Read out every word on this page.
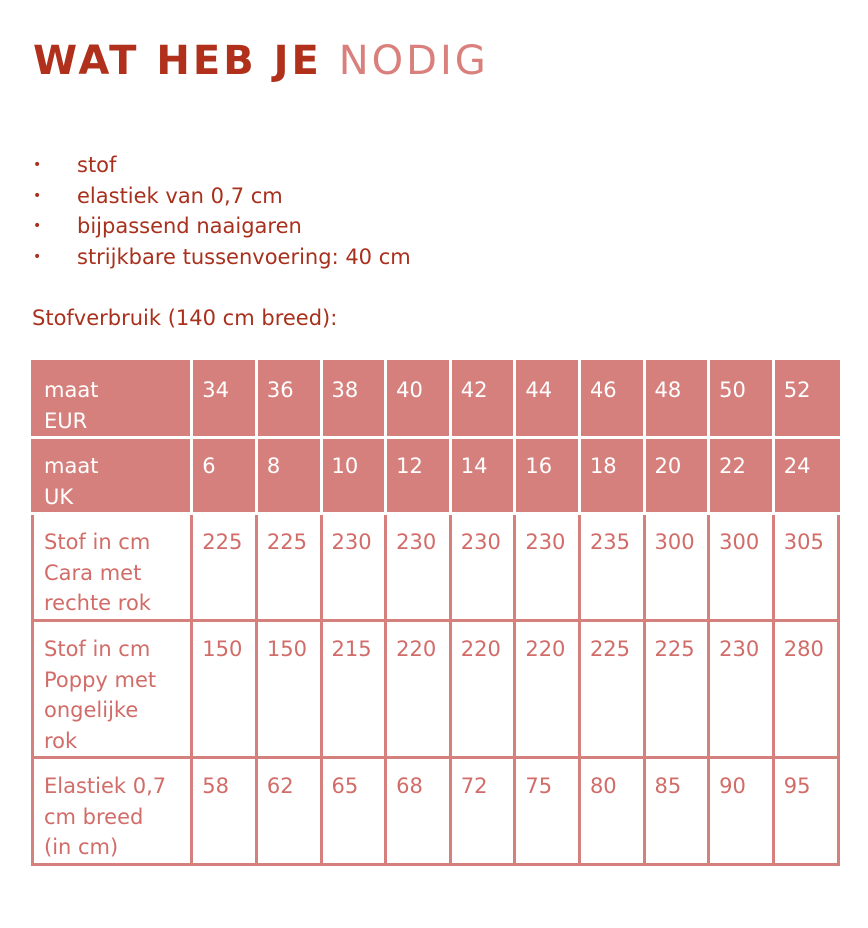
WAT HEB JE NODIG
• stof
• elastiek van 0,7 cm
• bijpassend naaigaren
• strijkbare tussenvoering: 40 cm

Stofverbruik (140 cm breed):

maat
EUR	34	36	38	40	42	44	46	48	50	52

maat
UK	6	8	10	12	14	16	18	20	22	24

Stof in cm
Cara met
rechte rok	225	225	230	230	230	230	235	300	300	305

Stof in cm
Poppy met
ongelijke
rok	150	150	215	220	220	220	225	225	230	280

Elastiek 0,7
cm breed
(in cm)	58	62	65	68	72	75	80	85	90	95
